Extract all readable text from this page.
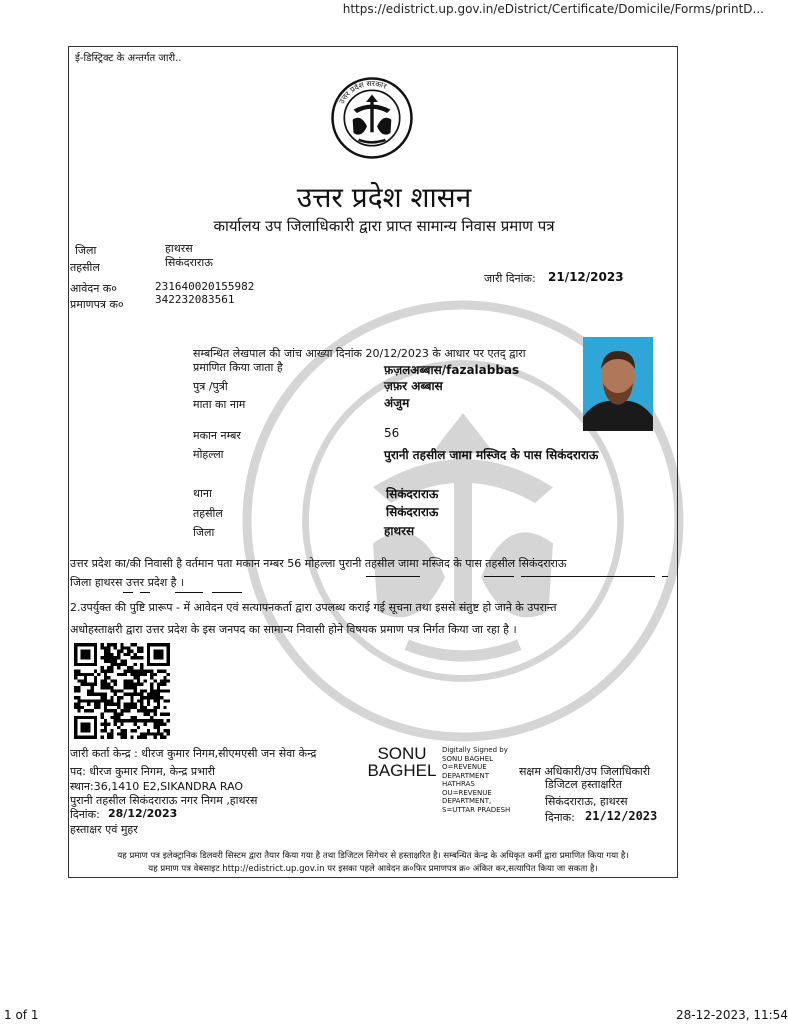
https://edistrict.up.gov.in/eDistrict/Certificate/Domicile/Forms/printD...
ई-डिस्ट्रिक्ट के अन्तर्गत जारी..
उत्तर प्रदेश सरकार
उत्तर प्रदेश शासन
कार्यालय उप जिलाधिकारी द्वारा प्राप्त सामान्य निवास प्रमाण पत्र
जिला	हाथरस
तहसील	सिकंदराराऊ
जारी दिनांक: 21/12/2023
आवेदन क०	231640020155982
प्रमाणपत्र क०	342232083561
सम्बन्धित लेखपाल की जांच आख्या दिनांक 20/12/2023 के आधार पर एतद् द्वारा
प्रमाणित किया जाता है	फ़ज़लअब्बास/fazalabbas
पुत्र /पुत्री	ज़फ़र अब्बास
माता का नाम	अंजुम
मकान नम्बर	56
मोहल्ला	पुरानी तहसील जामा मस्जिद के पास सिकंदराराऊ
थाना	सिकंदराराऊ
तहसील	सिकंदराराऊ
जिला	हाथरस
उत्तर प्रदेश का/की निवासी है वर्तमान पता मकान नम्बर 56 मोहल्ला पुरानी तहसील जामा मस्जिद के पास तहसील सिकंदराराऊ
जिला हाथरस उत्तर प्रदेश है ।
2.उपर्युक्त की पुष्टि प्रारूप - में आवेदन एवं सत्यापनकर्ता द्वारा उपलब्ध कराई गई सूचना तथा इससे संतुष्ट हो जाने के उपरान्त
अधोहस्ताक्षरी द्वारा उत्तर प्रदेश के इस जनपद का सामान्य निवासी होने विषयक प्रमाण पत्र निर्गत किया जा रहा है ।
जारी कर्ता केन्द्र : धीरज कुमार निगम,सीएमएसी जन सेवा केन्द्र
पद: धीरज कुमार निगम, केन्द्र प्रभारी
स्थान:36,1410 E2,SIKANDRA RAO
पुरानी तहसील सिकंदराराऊ नगर निगम ,हाथरस
दिनांक: 28/12/2023
हस्ताक्षर एवं मुहर
SONU
BAGHEL
Digitally Signed by
SONU BAGHEL
O=REVENUE
DEPARTMENT
HATHRAS
OU=REVENUE
DEPARTMENT,
S=UTTAR PRADESH
सक्षम अधिकारी/उप जिलाधिकारी
डिजिटल हस्ताक्षरित
सिकंदराराऊ, हाथरस
दिनाक: 21/12/2023
यह प्रमाण पत्र इलेक्ट्रानिक डिलवरी सिस्टम द्वारा तैयार किया गया है तथा डिजिटल सिगेचर से हस्ताक्षरित है। सम्बन्धित केन्द्र के अधिकृत कर्मी द्वारा प्रमाणित किया गया है।
यह प्रमाण पत्र वेबसाइट http://edistrict.up.gov.in पर इसका पहले आवेदन क्र०फिर प्रमाणपत्र क्र० अंकित कर,सत्यापित किया जा सकता है।
1 of 1	28-12-2023, 11:54
